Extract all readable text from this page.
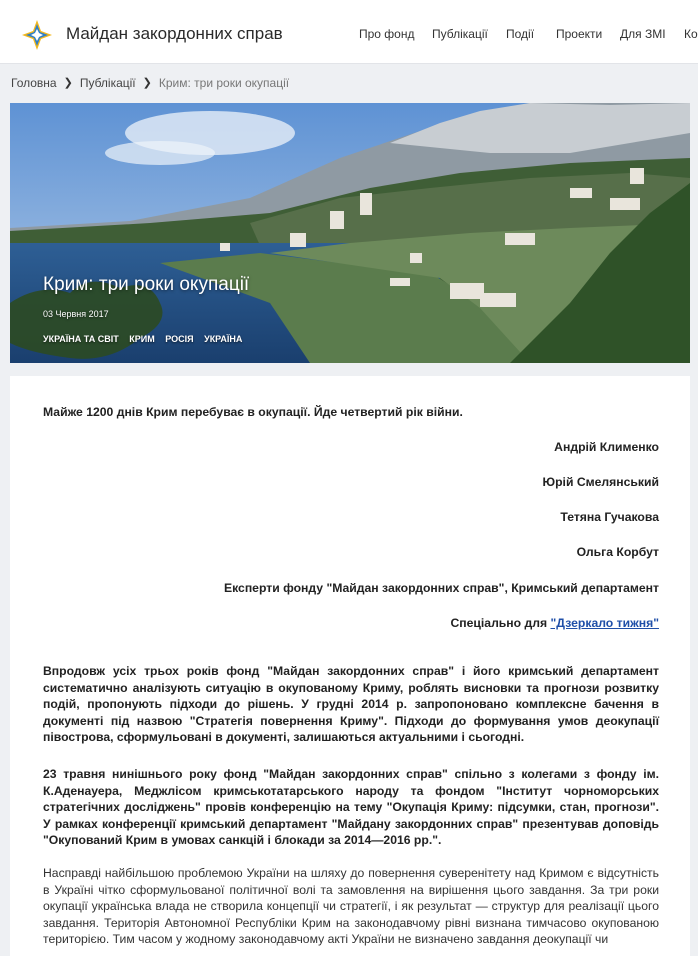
Майдан закордонних справ	Про фонд Публікації Події Проекти Для ЗМІ Ко
Головна ❯ Публікації ❯ Крим: три роки окупації
Крим: три роки окупації
03 Червня 2017
УКРАЇНА ТА СВІТ КРИМ РОСІЯ УКРАЇНА
Майже 1200 днів Крим перебуває в окупації. Йде четвертий рік війни.
Андрій Клименко
Юрій Смелянський
Тетяна Гучакова
Ольга Корбут
Експерти фонду "Майдан закордонних справ", Кримський департамент
Спеціально для "Дзеркало тижня"
Впродовж усіх трьох років фонд "Майдан закордонних справ" і його кримський департамент систематично аналізують ситуацію в окупованому Криму, роблять висновки та прогнози розвитку подій, пропонують підходи до рішень. У грудні 2014 р. запропоновано комплексне бачення в документі під назвою "Стратегія повернення Криму". Підходи до формування умов деокупації півострова, сформульовані в документі, залишаються актуальними і сьогодні.
23 травня нинішнього року фонд "Майдан закордонних справ" спільно з колегами з фонду ім. К.Аденауера, Меджлісом кримськотатарського народу та фондом "Інститут чорноморських стратегічних досліджень" провів конференцію на тему "Окупація Криму: підсумки, стан, прогнози". У рамках конференції кримський департамент "Майдану закордонних справ" презентував доповідь "Окупований Крим в умовах санкцій і блокади за 2014—2016 рр.".
Насправді найбільшою проблемою України на шляху до повернення суверенітету над Кримом є відсутність в Україні чітко сформульованої політичної волі та замовлення на вирішення цього завдання. За три роки окупації українська влада не створила концепції чи стратегії, і як результат — структур для реалізації цього завдання. Територія Автономної Республіки Крим на законодавчому рівні визнана тимчасово окупованою територією. Тим часом у жодному законодавчому акті України не визначено завдання деокупації чи
